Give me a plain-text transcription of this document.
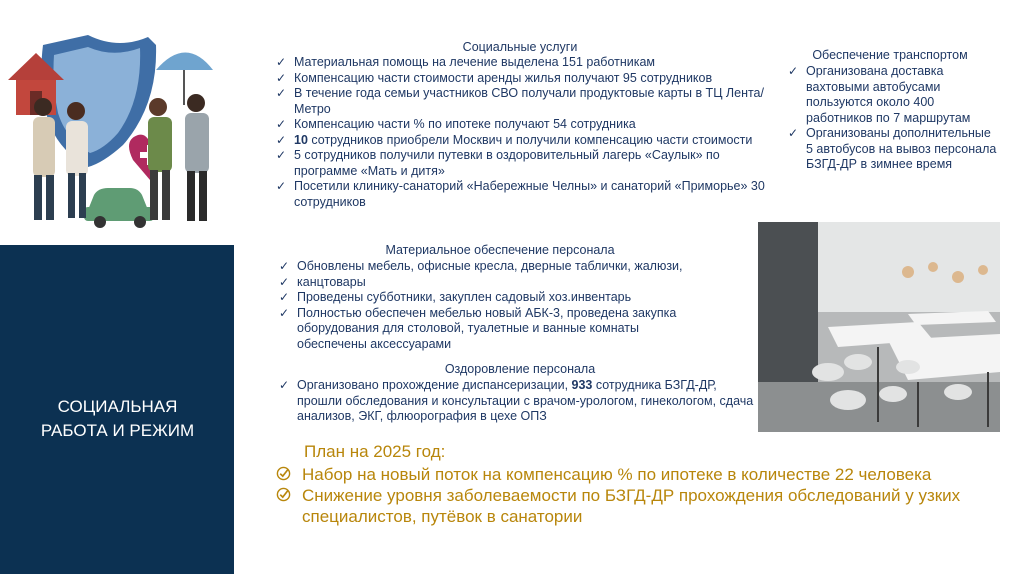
СОЦИАЛЬНАЯ
РАБОТА И РЕЖИМ
Социальные услуги
✓ Материальная помощь на лечение выделена 151 работникам
✓ Компенсацию части стоимости аренды жилья получают 95 сотрудников
✓ В течение года семьи участников СВО получали продуктовые карты в ТЦ Лента/Метро
✓ Компенсацию части % по ипотеке получают 54 сотрудника
✓ 10 сотрудников приобрели Москвич и получили компенсацию части стоимости
✓ 5 сотрудников получили путевки в оздоровительный лагерь «Саулык» по программе «Мать и дитя»
✓ Посетили клинику-санаторий «Набережные Челны» и санаторий «Приморье» 30 сотрудников
Обеспечение транспортом
✓ Организована доставка вахтовыми автобусами пользуются около 400 работников по 7 маршрутам
✓ Организованы дополнительные 5 автобусов на вывоз персонала БЗГД-ДР в зимнее время
Материальное обеспечение персонала
✓ Обновлены мебель, офисные кресла, дверные таблички, жалюзи,
✓ канцтовары
✓ Проведены субботники, закуплен садовый хоз.инвентарь
✓ Полностью обеспечен мебелью новый АБК-3, проведена закупка оборудования для столовой, туалетные и ванные комнаты обеспечены аксессуарами
Оздоровление персонала
✓ Организовано прохождение диспансеризации, 933 сотрудника БЗГД-ДР, прошли обследования и консультации с врачом-урологом, гинекологом, сдача анализов, ЭКГ, флюорография в цехе ОПЗ
План на 2025 год:
Набор на новый поток на компенсацию % по ипотеке в количестве 22 человека
Снижение уровня заболеваемости по БЗГД-ДР прохождения обследований у узких специалистов, путёвок в санатории
